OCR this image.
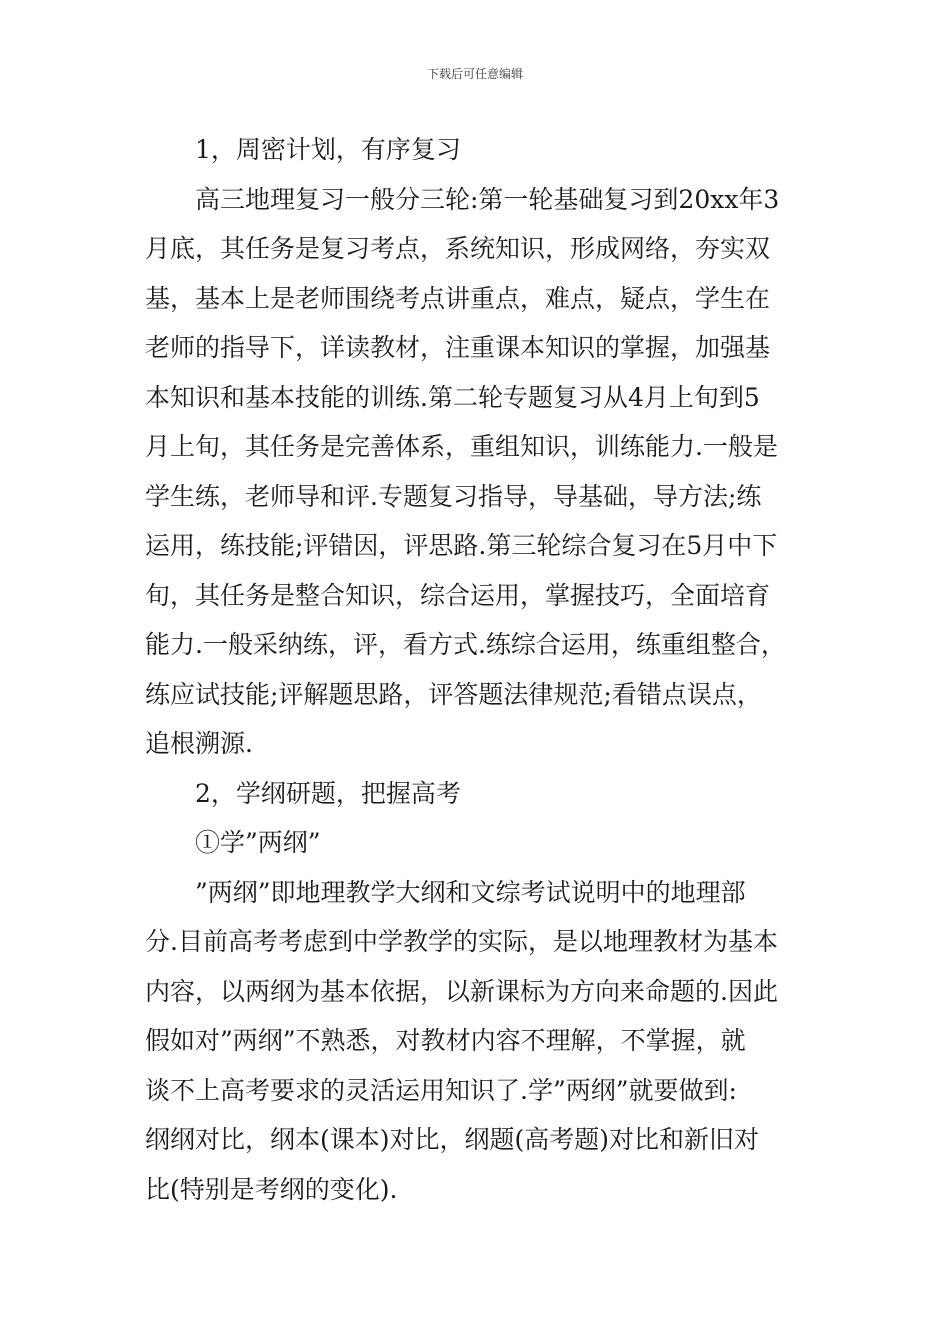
下载后可任意编辑
1，周密计划，有序复习
高三地理复习一般分三轮:第一轮基础复习到20xx年3
月底，其任务是复习考点，系统知识，形成网络，夯实双
基，基本上是老师围绕考点讲重点，难点，疑点，学生在
老师的指导下，详读教材，注重课本知识的掌握，加强基
本知识和基本技能的训练.第二轮专题复习从4月上旬到5
月上旬，其任务是完善体系，重组知识，训练能力.一般是
学生练，老师导和评.专题复习指导，导基础，导方法;练
运用，练技能;评错因，评思路.第三轮综合复习在5月中下
旬，其任务是整合知识，综合运用，掌握技巧，全面培育
能力.一般采纳练，评，看方式.练综合运用，练重组整合，
练应试技能;评解题思路，评答题法律规范;看错点误点，
追根溯源.
2，学纲研题，把握高考
①学”两纲”
”两纲”即地理教学大纲和文综考试说明中的地理部
分.目前高考考虑到中学教学的实际，是以地理教材为基本
内容，以两纲为基本依据，以新课标为方向来命题的.因此
假如对”两纲”不熟悉，对教材内容不理解，不掌握，就
谈不上高考要求的灵活运用知识了.学”两纲”就要做到:
纲纲对比，纲本(课本)对比，纲题(高考题)对比和新旧对
比(特别是考纲的变化).
